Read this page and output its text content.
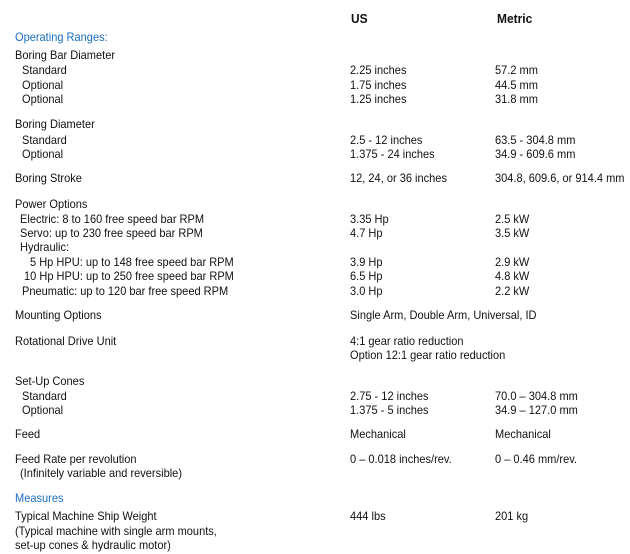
US	Metric
Operating Ranges:
Boring Bar Diameter
Standard	2.25 inches	57.2 mm
Optional	1.75 inches	44.5 mm
Optional	1.25 inches	31.8 mm
Boring Diameter
Standard	2.5 - 12 inches	63.5 - 304.8 mm
Optional	1.375 - 24 inches	34.9 - 609.6 mm
Boring Stroke	12, 24, or 36 inches	304.8, 609.6, or 914.4 mm
Power Options
Electric: 8 to 160 free speed bar RPM	3.35 Hp	2.5 kW
Servo: up to 230 free speed bar RPM	4.7 Hp	3.5 kW
Hydraulic:
5 Hp HPU: up to 148 free speed bar RPM	3.9 Hp	2.9 kW
10 Hp HPU: up to 250 free speed bar RPM	6.5 Hp	4.8 kW
Pneumatic: up to 120 bar free speed RPM	3.0 Hp	2.2 kW
Mounting Options	Single Arm, Double Arm, Universal, ID
Rotational Drive Unit	4:1 gear ratio reduction
Option 12:1 gear ratio reduction
Set-Up Cones
Standard	2.75 - 12 inches	70.0 – 304.8 mm
Optional	1.375 - 5 inches	34.9 – 127.0 mm
Feed	Mechanical	Mechanical
Feed Rate per revolution
(Infinitely variable and reversible)
0 – 0.018 inches/rev.	0 – 0.46 mm/rev.
Measures
Typical Machine Ship Weight
(Typical machine with single arm mounts,
set-up cones & hydraulic motor)
444 lbs	201 kg
